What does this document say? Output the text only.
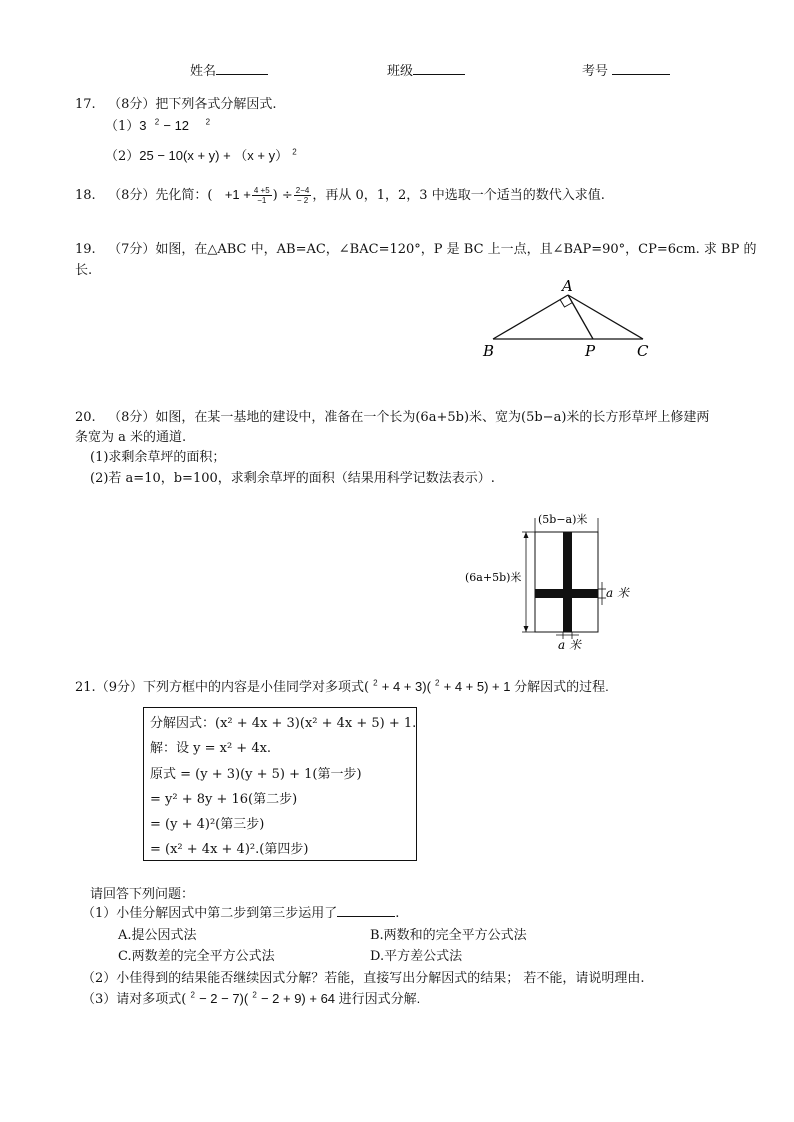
姓名	班级	考号
17. （8分）把下列各式分解因式.
（1）3 $^2$ − 12 $^2$
（2）25 − 10(x + y) + （x + y） $^2$
18. （8分）先化简：( $+1 + \frac{4 +5}{-1}$ ) ÷ $\frac{2-4}{- 2}$ ，再从 0，1，2，3 中选取一个适当的数代入求值.
19. （7分）如图，在△ABC 中，AB=AC，∠BAC=120°，P 是 BC 上一点，且∠BAP=90°，CP=6cm. 求 BP 的
长.
A
B	P	C
20. （8分）如图，在某一基地的建设中，准备在一个长为(6a+5b)米、宽为(5b−a)米的长方形草坪上修建两
条宽为 a 米的通道.
(1)求剩余草坪的面积；
(2)若 a=10，b=100，求剩余草坪的面积（结果用科学记数法表示）.
(5b−a)米
(6a+5b)米
a 米
a 米
21.（9分）下列方框中的内容是小佳同学对多项式( $^2$ + 4 + 3)( $^2$ + 4 + 5) + 1 分解因式的过程.
分解因式：(x² + 4x + 3)(x² + 4x + 5) + 1.
解：设 y = x² + 4x.
原式 = (y + 3)(y + 5) + 1(第一步)
= y² + 8y + 16(第二步)
= (y + 4)²(第三步)
= (x² + 4x + 4)².(第四步)
请回答下列问题：
（1）小佳分解因式中第二步到第三步运用了	.
A.提公因式法	B.两数和的完全平方公式法
C.两数差的完全平方公式法	D.平方差公式法
（2）小佳得到的结果能否继续因式分解？若能，直接写出分解因式的结果； 若不能，请说明理由.
（3）请对多项式( $^2$ − 2 − 7)( $^2$ − 2 + 9) + 64 进行因式分解.
